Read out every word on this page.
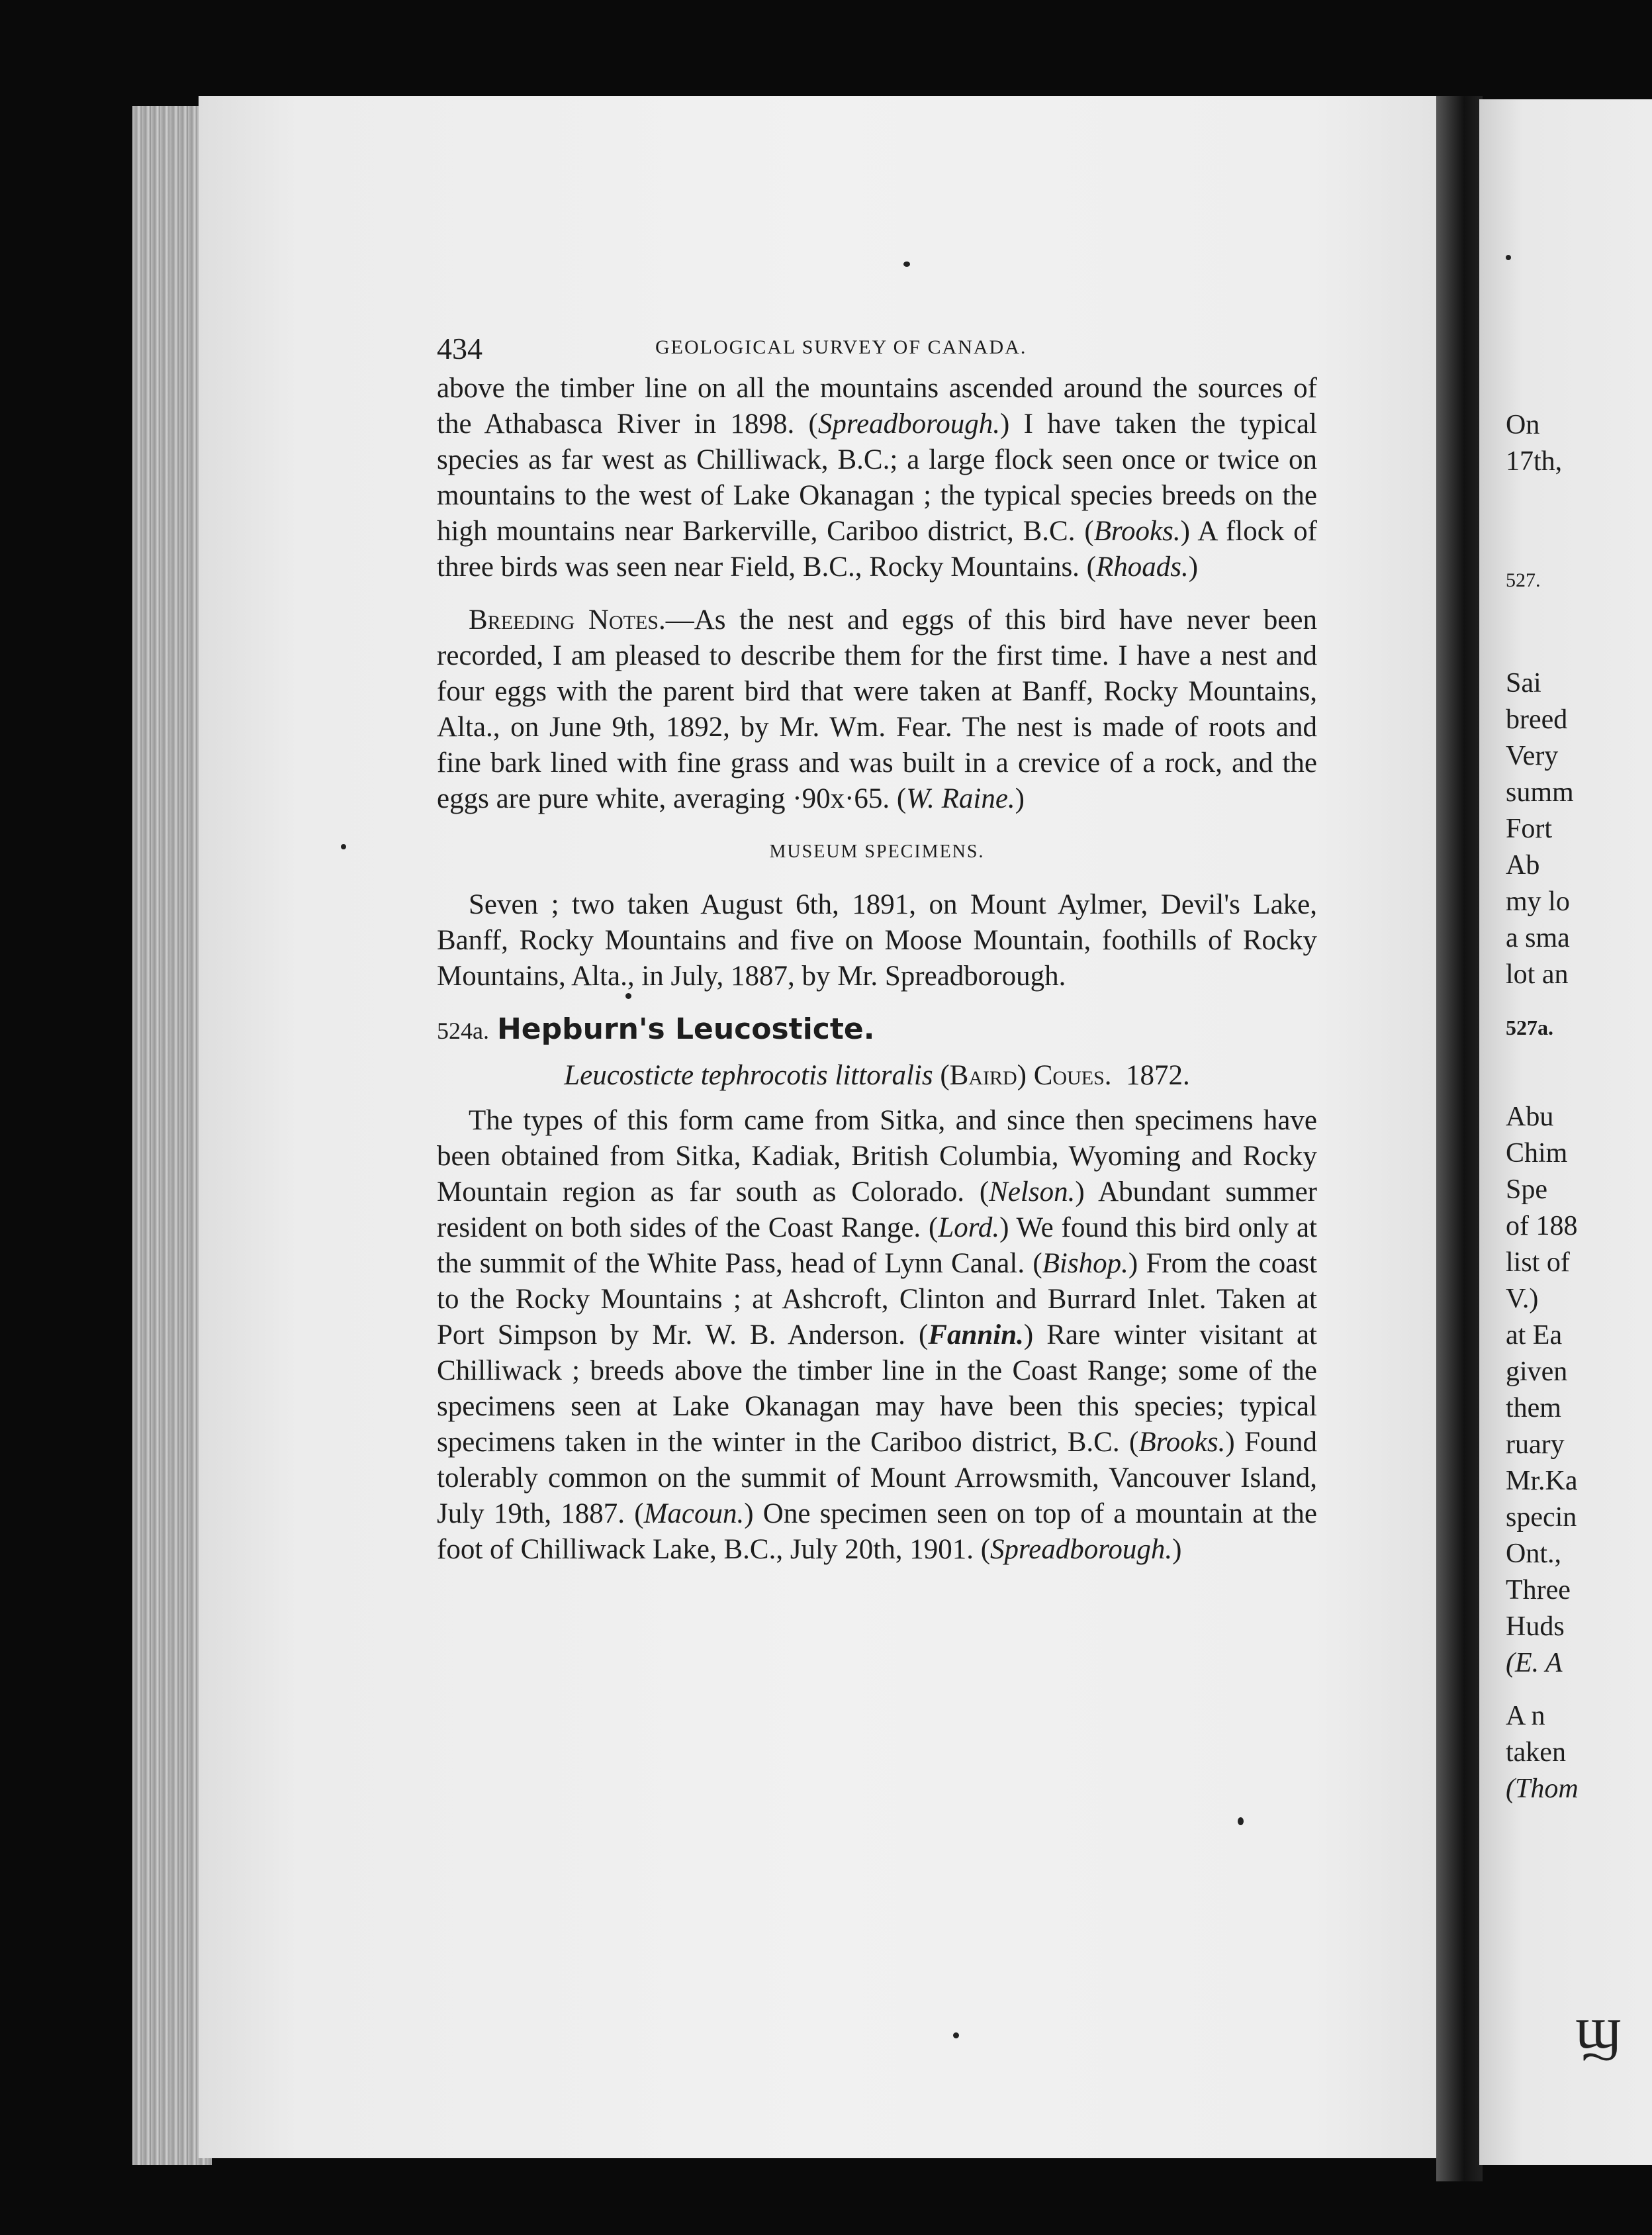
On
17th,
527.
Sai
breed
Very
summ
Fort
Ab
my lo
a sma
lot an
527a.
Abu
Chim
Spe
of 188
list of
V.)
at Ea
given
them
ruary
Mr.Ka
specin
Ont.,
Three
Huds
(E. A
A n
taken
(Thom
434	GEOLOGICAL SURVEY OF CANADA.

above the timber line on all the mountains ascended around the sources of the Athabasca River in 1898. (Spreadborough.) I have taken the typical species as far west as Chilliwack, B.C.; a large flock seen once or twice on mountains to the west of Lake Okanagan ; the typical species breeds on the high mountains near Barkerville, Cariboo district, B.C. (Brooks.) A flock of three birds was seen near Field, B.C., Rocky Mountains. (Rhoads.)

Breeding Notes.—As the nest and eggs of this bird have never been recorded, I am pleased to describe them for the first time. I have a nest and four eggs with the parent bird that were taken at Banff, Rocky Mountains, Alta., on June 9th, 1892, by Mr. Wm. Fear. The nest is made of roots and fine bark lined with fine grass and was built in a crevice of a rock, and the eggs are pure white, averaging ·90x·65. (W. Raine.)

MUSEUM SPECIMENS.

Seven ; two taken August 6th, 1891, on Mount Aylmer, Devil's Lake, Banff, Rocky Mountains and five on Moose Mountain, foothills of Rocky Mountains, Alta., in July, 1887, by Mr. Spreadborough.

524a. Hepburn's Leucosticte.

Leucosticte tephrocotis littoralis (Baird) Coues. 1872.

The types of this form came from Sitka, and since then specimens have been obtained from Sitka, Kadiak, British Columbia, Wyoming and Rocky Mountain region as far south as Colorado. (Nelson.) Abundant summer resident on both sides of the Coast Range. (Lord.) We found this bird only at the summit of the White Pass, head of Lynn Canal. (Bishop.) From the coast to the Rocky Mountains ; at Ashcroft, Clinton and Burrard Inlet. Taken at Port Simpson by Mr. W. B. Anderson. (Fannin.) Rare winter visitant at Chilliwack ; breeds above the timber line in the Coast Range; some of the specimens seen at Lake Okanagan may have been this species; typical specimens taken in the winter in the Cariboo district, B.C. (Brooks.) Found tolerably common on the summit of Mount Arrowsmith, Vancouver Island, July 19th, 1887. (Macoun.) One specimen seen on top of a mountain at the foot of Chilliwack Lake, B.C., July 20th, 1901. (Spreadborough.)

ϣ
